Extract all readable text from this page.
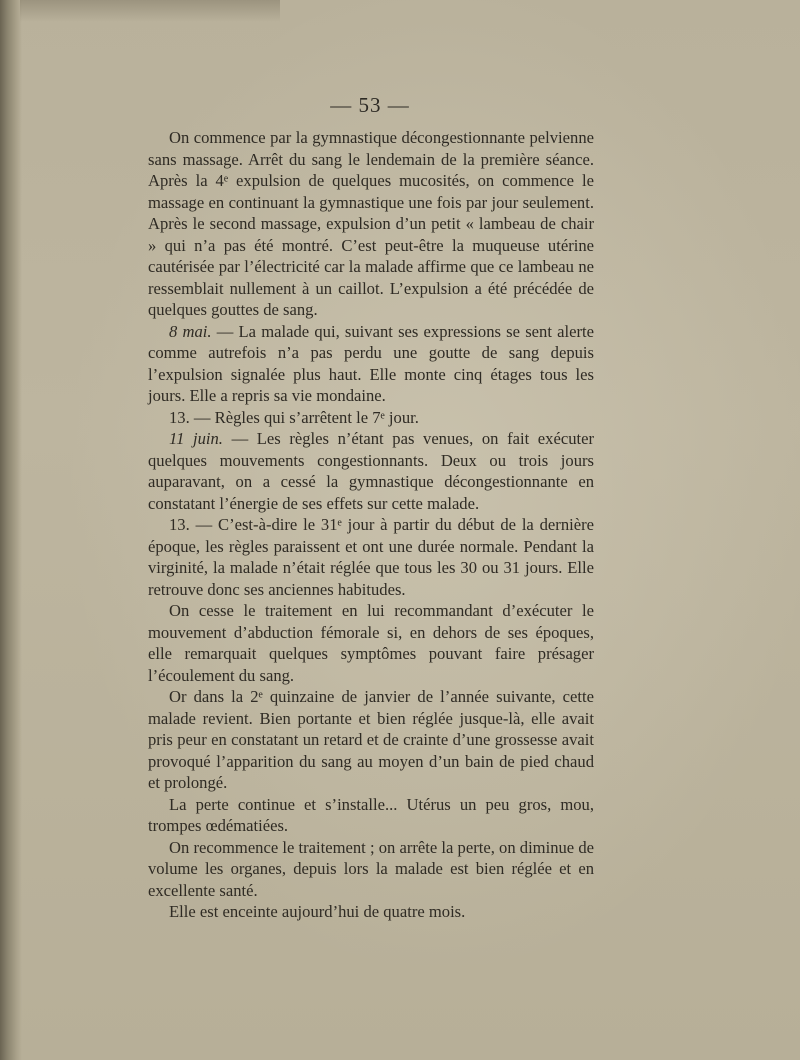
— 53 —

On commence par la gymnastique décongestionnante pelvienne sans massage. Arrêt du sang le lendemain de la première séance. Après la 4ᵉ expulsion de quelques mucosités, on commence le massage en continuant la gymnastique une fois par jour seulement. Après le second massage, expulsion d’un petit « lambeau de chair » qui n’a pas été montré. C’est peut-être la muqueuse utérine cautérisée par l’électricité car la malade affirme que ce lambeau ne ressemblait nullement à un caillot. L’expulsion a été précédée de quelques gouttes de sang.

8 mai. — La malade qui, suivant ses expressions se sent alerte comme autrefois n’a pas perdu une goutte de sang depuis l’expulsion signalée plus haut. Elle monte cinq étages tous les jours. Elle a repris sa vie mondaine.

13. — Règles qui s’arrêtent le 7ᵉ jour.

11 juin. — Les règles n’étant pas venues, on fait exécuter quelques mouvements congestionnants. Deux ou trois jours auparavant, on a cessé la gymnastique décongestionnante en constatant l’énergie de ses effets sur cette malade.

13. — C’est-à-dire le 31ᵉ jour à partir du début de la dernière époque, les règles paraissent et ont une durée normale. Pendant la virginité, la malade n’était réglée que tous les 30 ou 31 jours. Elle retrouve donc ses anciennes habitudes.

On cesse le traitement en lui recommandant d’exécuter le mouvement d’abduction fémorale si, en dehors de ses époques, elle remarquait quelques symptômes pouvant faire présager l’écoulement du sang.

Or dans la 2ᵉ quinzaine de janvier de l’année suivante, cette malade revient. Bien portante et bien réglée jusque-là, elle avait pris peur en constatant un retard et de crainte d’une grossesse avait provoqué l’apparition du sang au moyen d’un bain de pied chaud et prolongé.

La perte continue et s’installe... Utérus un peu gros, mou, trompes œdématiées.

On recommence le traitement ; on arrête la perte, on diminue de volume les organes, depuis lors la malade est bien réglée et en excellente santé.

Elle est enceinte aujourd’hui de quatre mois.
